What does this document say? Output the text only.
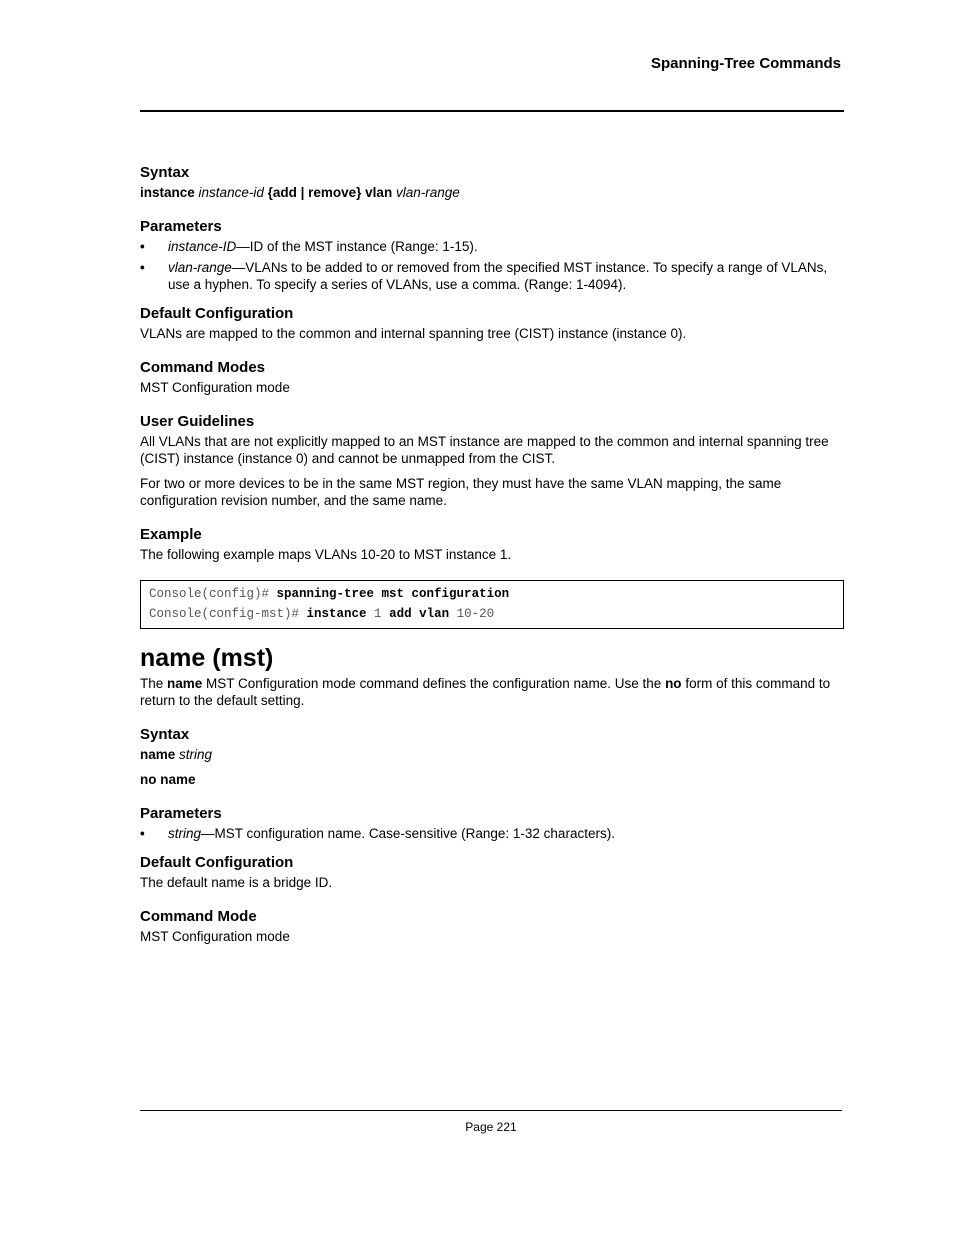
Spanning-Tree Commands

Syntax

instance instance-id {add | remove} vlan vlan-range

Parameters

• instance-ID—ID of the MST instance (Range: 1-15).
• vlan-range—VLANs to be added to or removed from the specified MST instance. To specify a range of VLANs, use a hyphen. To specify a series of VLANs, use a comma. (Range: 1-4094).

Default Configuration

VLANs are mapped to the common and internal spanning tree (CIST) instance (instance 0).

Command Modes

MST Configuration mode

User Guidelines

All VLANs that are not explicitly mapped to an MST instance are mapped to the common and internal spanning tree (CIST) instance (instance 0) and cannot be unmapped from the CIST.

For two or more devices to be in the same MST region, they must have the same VLAN mapping, the same configuration revision number, and the same name.

Example

The following example maps VLANs 10-20 to MST instance 1.

Console(config)# spanning-tree mst configuration
Console(config-mst)# instance 1 add vlan 10-20

name (mst)

The name MST Configuration mode command defines the configuration name. Use the no form of this command to return to the default setting.

Syntax

name string

no name

Parameters

• string—MST configuration name. Case-sensitive (Range: 1-32 characters).

Default Configuration

The default name is a bridge ID.

Command Mode

MST Configuration mode

Page 221
